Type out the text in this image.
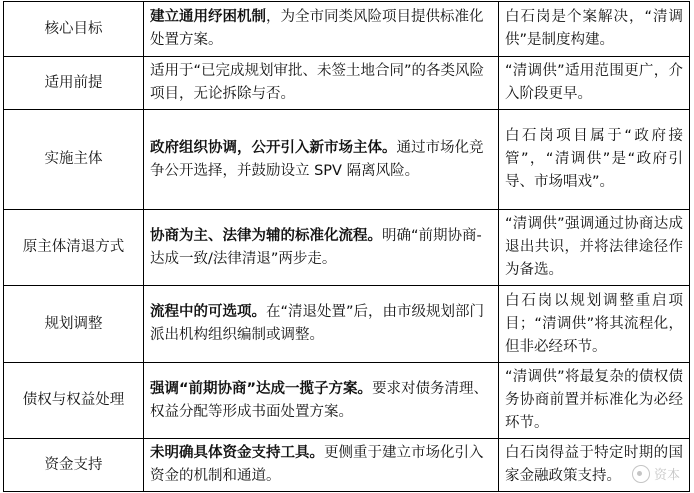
核心目标	建立通用纾困机制，为全市同类风险项目提供标准化处置方案。	白石岗是个案解决，“清调供”是制度构建。
适用前提	适用于“已完成规划审批、未签土地合同”的各类风险项目，无论拆除与否。	“清调供”适用范围更广，介入阶段更早。
实施主体	政府组织协调，公开引入新市场主体。通过市场化竞争公开选择，并鼓励设立 SPV 隔离风险。	白石岗项目属于“政府接管”，“清调供”是“政府引导、市场唱戏”。
原主体清退方式	协商为主、法律为辅的标准化流程。明确“前期协商-达成一致/法律清退”两步走。	“清调供”强调通过协商达成退出共识，并将法律途径作为备选。
规划调整	流程中的可选项。在“清退处置”后，由市级规划部门派出机构组织编制或调整。	白石岗以规划调整重启项目；“清调供”将其流程化，但非必经环节。
债权与权益处理	强调“前期协商”达成一揽子方案。要求对债务清理、权益分配等形成书面处置方案。	“清调供”将最复杂的债权债务协商前置并标准化为必经环节。
资金支持	未明确具体资金支持工具。更侧重于建立市场化引入资金的机制和通道。	白石岗得益于特定时期的国家金融政策支持。	资本
